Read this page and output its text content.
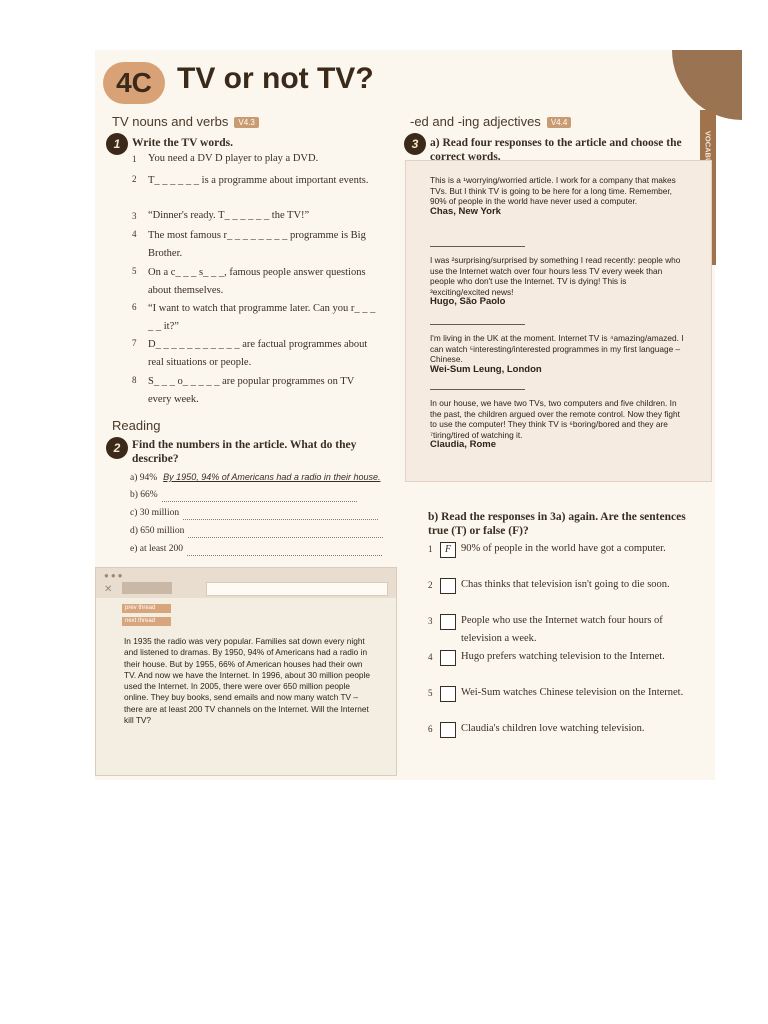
4C TV or not TV?
TV nouns and verbs V4.3
1	Write the TV words.
1 You need a DV D player to play a DVD.
2 T_ _ _ _ _ _ is a programme about important events.
3 “Dinner's ready. T_ _ _ _ _ _ the TV!”
4 The most famous r_ _ _ _ _ _ _ _ programme is Big Brother.
5 On a c_ _ _ s_ _ _, famous people answer questions about themselves.
6 “I want to watch that programme later. Can you r_ _ _ _ _ it?”
7 D_ _ _ _ _ _ _ _ _ _ _ are factual programmes about real situations or people.
8 S_ _ _ o_ _ _ _ _ are popular programmes on TV every week.
Reading
2	Find the numbers in the article. What do they describe?
a) 94% By 1950, 94% of Americans had a radio in their house.
b) 66%
c) 30 million
d) 650 million
e) at least 200
● ● ●
✕
prev thread
next thread
In 1935 the radio was very popular. Families sat down every night and listened to dramas. By 1950, 94% of Americans had a radio in their house. But by 1955, 66% of American houses had their own TV. And now we have the Internet. In 1996, about 30 million people used the Internet. In 2005, there were over 650 million people online. They buy books, send emails and now many watch TV – there are at least 200 TV channels on the Internet. Will the Internet kill TV?
-ed and -ing adjectives V4.4
3	a) Read four responses to the article and choose the correct words.
This is a ¹worrying/worried article. I work for a company that makes TVs. But I think TV is going to be here for a long time. Remember, 90% of people in the world have never used a computer.
Chas, New York
I was ²surprising/surprised by something I read recently: people who use the Internet watch over four hours less TV every week than people who don't use the Internet. TV is dying! This is ³exciting/excited news!
Hugo, São Paolo
I'm living in the UK at the moment. Internet TV is ⁴amazing/amazed. I can watch ⁵interesting/interested programmes in my first language – Chinese.
Wei-Sum Leung, London
In our house, we have two TVs, two computers and five children. In the past, the children argued over the remote control. Now they fight to use the computer! They think TV is ⁶boring/bored and they are ⁷tiring/tired of watching it.
Claudia, Rome
b) Read the responses in 3a) again. Are the sentences true (T) or false (F)?
1	F 90% of people in the world have got a computer.
2	Chas thinks that television isn't going to die soon.
3	People who use the Internet watch four hours of television a week.
4	Hugo prefers watching television to the Internet.
5	Wei-Sum watches Chinese television on the Internet.
6	Claudia's children love watching television.
